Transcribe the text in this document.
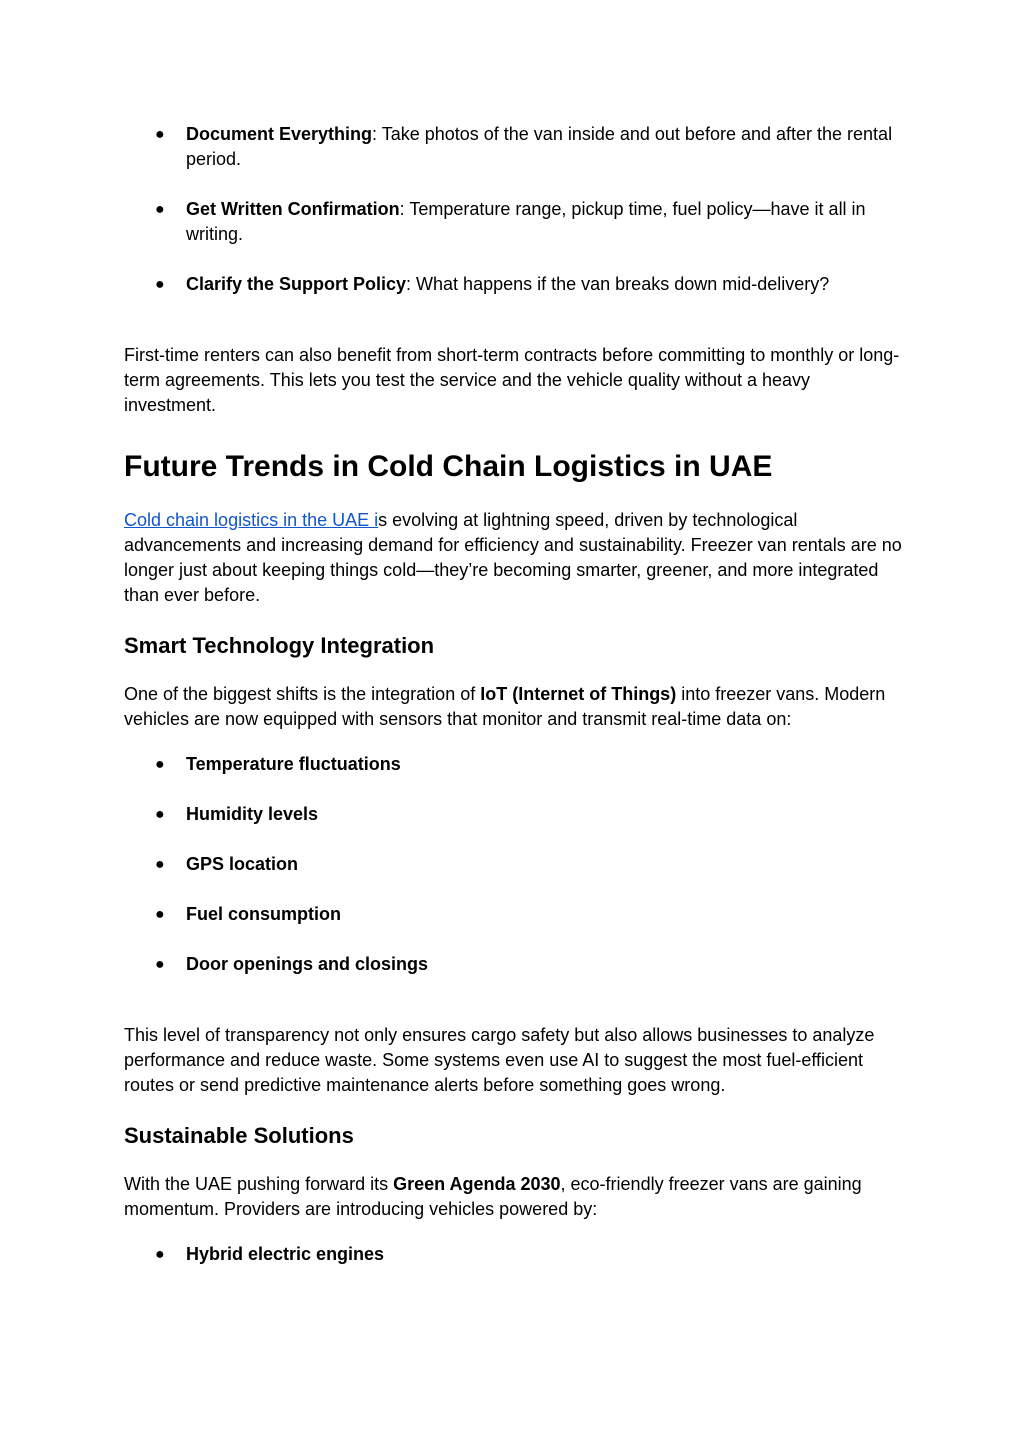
●	Document Everything: Take photos of the van inside and out before and after the rental period.
●	Get Written Confirmation: Temperature range, pickup time, fuel policy—have it all in writing.
●	Clarify the Support Policy: What happens if the van breaks down mid-delivery?

First-time renters can also benefit from short-term contracts before committing to monthly or long-term agreements. This lets you test the service and the vehicle quality without a heavy investment.

Future Trends in Cold Chain Logistics in UAE

Cold chain logistics in the UAE is evolving at lightning speed, driven by technological advancements and increasing demand for efficiency and sustainability. Freezer van rentals are no longer just about keeping things cold—they’re becoming smarter, greener, and more integrated than ever before.

Smart Technology Integration

One of the biggest shifts is the integration of IoT (Internet of Things) into freezer vans. Modern vehicles are now equipped with sensors that monitor and transmit real-time data on:

●	Temperature fluctuations
●	Humidity levels
●	GPS location
●	Fuel consumption
●	Door openings and closings

This level of transparency not only ensures cargo safety but also allows businesses to analyze performance and reduce waste. Some systems even use AI to suggest the most fuel-efficient routes or send predictive maintenance alerts before something goes wrong.

Sustainable Solutions

With the UAE pushing forward its Green Agenda 2030, eco-friendly freezer vans are gaining momentum. Providers are introducing vehicles powered by:

●	Hybrid electric engines
